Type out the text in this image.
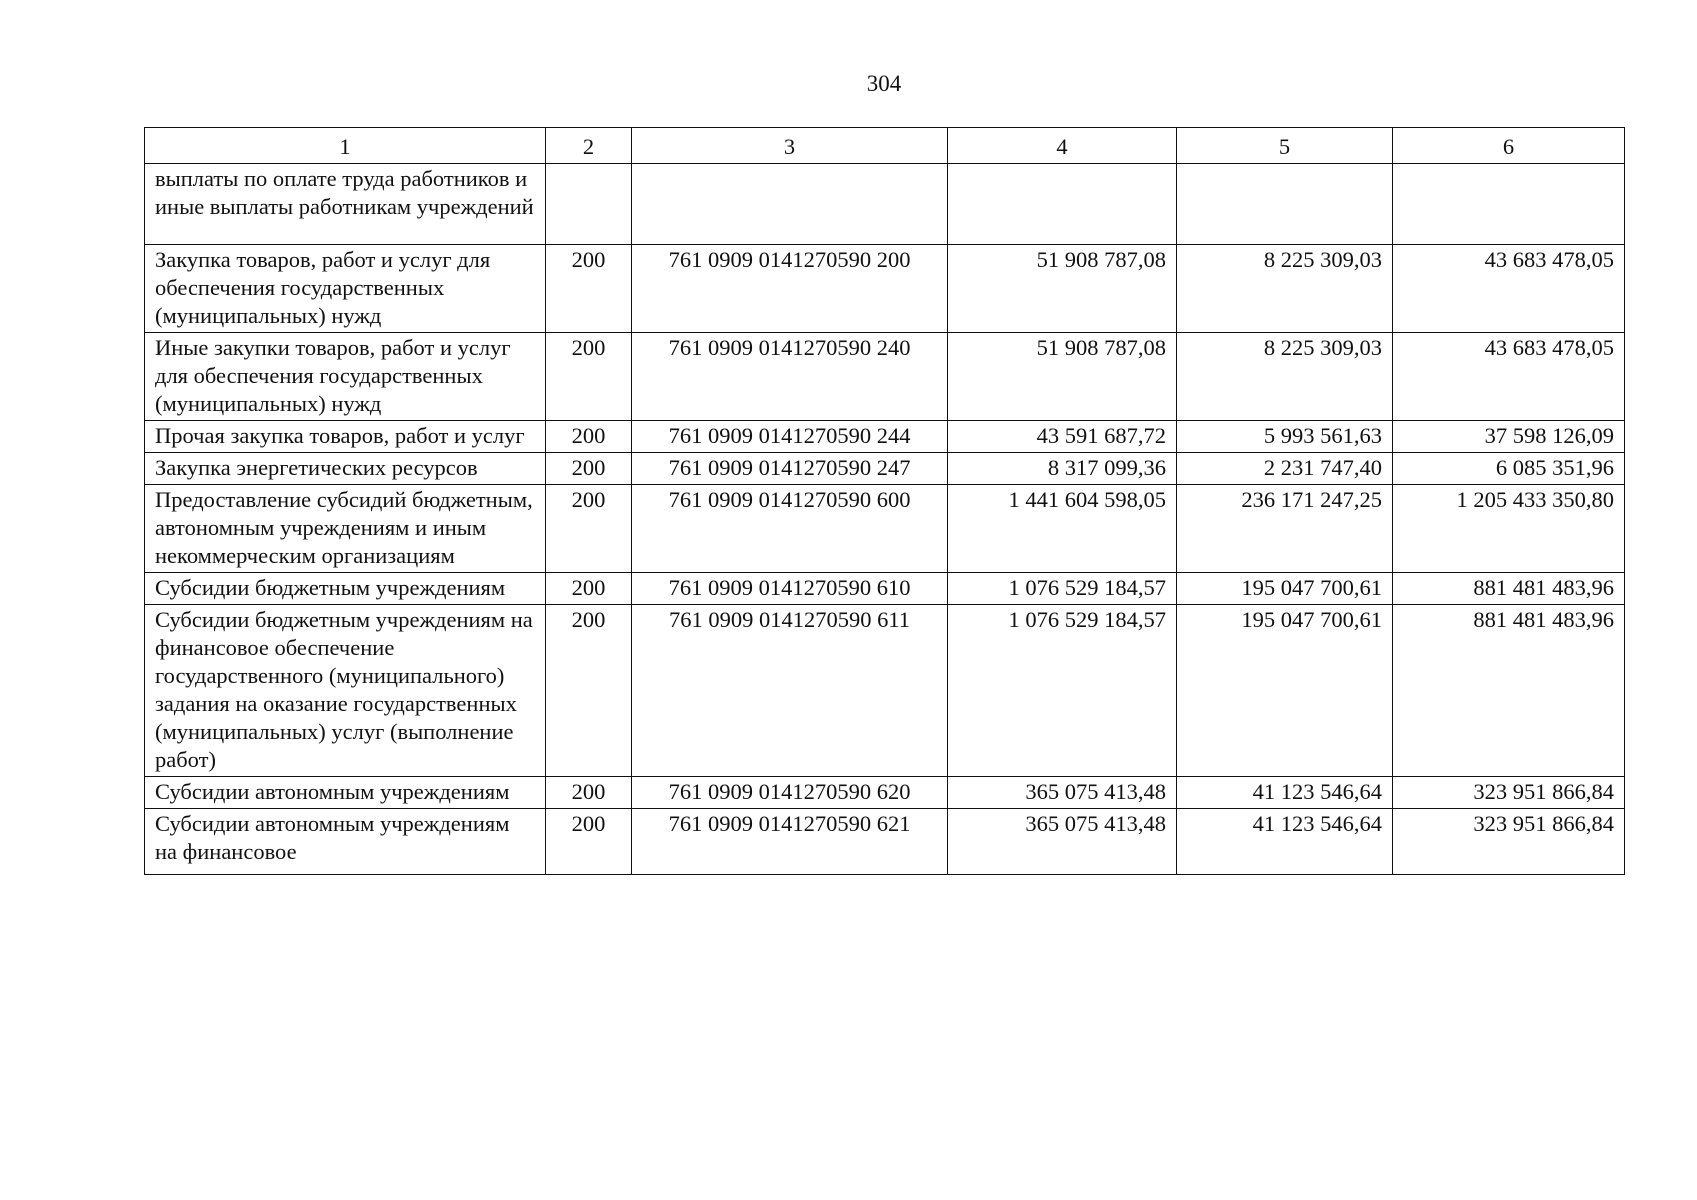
304
1	2	3	4	5	6
выплаты по оплате труда работников и иные выплаты работникам учреждений					
Закупка товаров, работ и услуг для обеспечения государственных (муниципальных) нужд	200	761 0909 0141270590 200	51 908 787,08	8 225 309,03	43 683 478,05
Иные закупки товаров, работ и услуг для обеспечения государственных (муниципальных) нужд	200	761 0909 0141270590 240	51 908 787,08	8 225 309,03	43 683 478,05
Прочая закупка товаров, работ и услуг	200	761 0909 0141270590 244	43 591 687,72	5 993 561,63	37 598 126,09
Закупка энергетических ресурсов	200	761 0909 0141270590 247	8 317 099,36	2 231 747,40	6 085 351,96
Предоставление субсидий бюджетным, автономным учреждениям и иным некоммерческим организациям	200	761 0909 0141270590 600	1 441 604 598,05	236 171 247,25	1 205 433 350,80
Субсидии бюджетным учреждениям	200	761 0909 0141270590 610	1 076 529 184,57	195 047 700,61	881 481 483,96
Субсидии бюджетным учреждениям на финансовое обеспечение государственного (муниципального) задания на оказание государственных (муниципальных) услуг (выполнение работ)	200	761 0909 0141270590 611	1 076 529 184,57	195 047 700,61	881 481 483,96
Субсидии автономным учреждениям	200	761 0909 0141270590 620	365 075 413,48	41 123 546,64	323 951 866,84
Субсидии автономным учреждениям на финансовое	200	761 0909 0141270590 621	365 075 413,48	41 123 546,64	323 951 866,84
